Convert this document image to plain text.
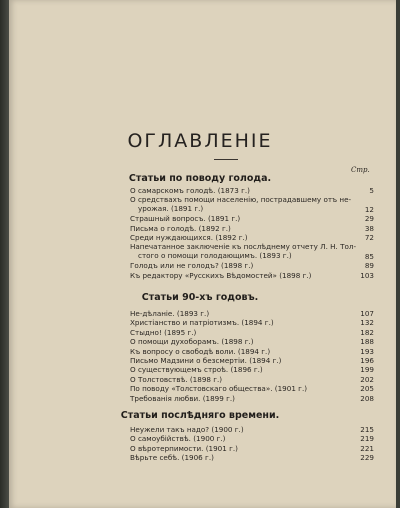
ОГЛАВЛЕНІЕ
Стр.
Статьи по поводу голода.
О самарскомъ голодѣ. (1873 г.)	5
О средствахъ помощи населенію, пострадавшему отъ не-
урожая. (1891 г.)	12
Страшный вопросъ. (1891 г.)	29
Письма о голодѣ. (1892 г.)	38
Среди нуждающихся. (1892 г.)	72
Напечатанное заключеніе къ послѣднему отчету Л. Н. Тол-
стого о помощи голодающимъ. (1893 г.)	85
Голодъ или не голодъ? (1898 г.)	89
Къ редактору «Русскихъ Вѣдомостей» (1898 г.)	103
Статьи 90-хъ годовъ.
Не-дѣланіе. (1893 г.)	107
Христіанство и патріотизмъ. (1894 г.)	132
Стыдно! (1895 г.)	182
О помощи духоборамъ. (1898 г.)	188
Къ вопросу о свободѣ воли. (1894 г.)	193
Письмо Мадзини о безсмертіи. (1894 г.)	196
О существующемъ строѣ. (1896 г.)	199
О Толстовствѣ. (1898 г.)	202
По поводу «Толстовскаго общества». (1901 г.)	205
Требованія любви. (1899 г.)	208
Статьи послѣдняго времени.
Неужели такъ надо? (1900 г.)	215
О самоубійствѣ. (1900 г.)	219
О вѣротерпимости. (1901 г.)	221
Вѣрьте себѣ. (1906 г.)	229
